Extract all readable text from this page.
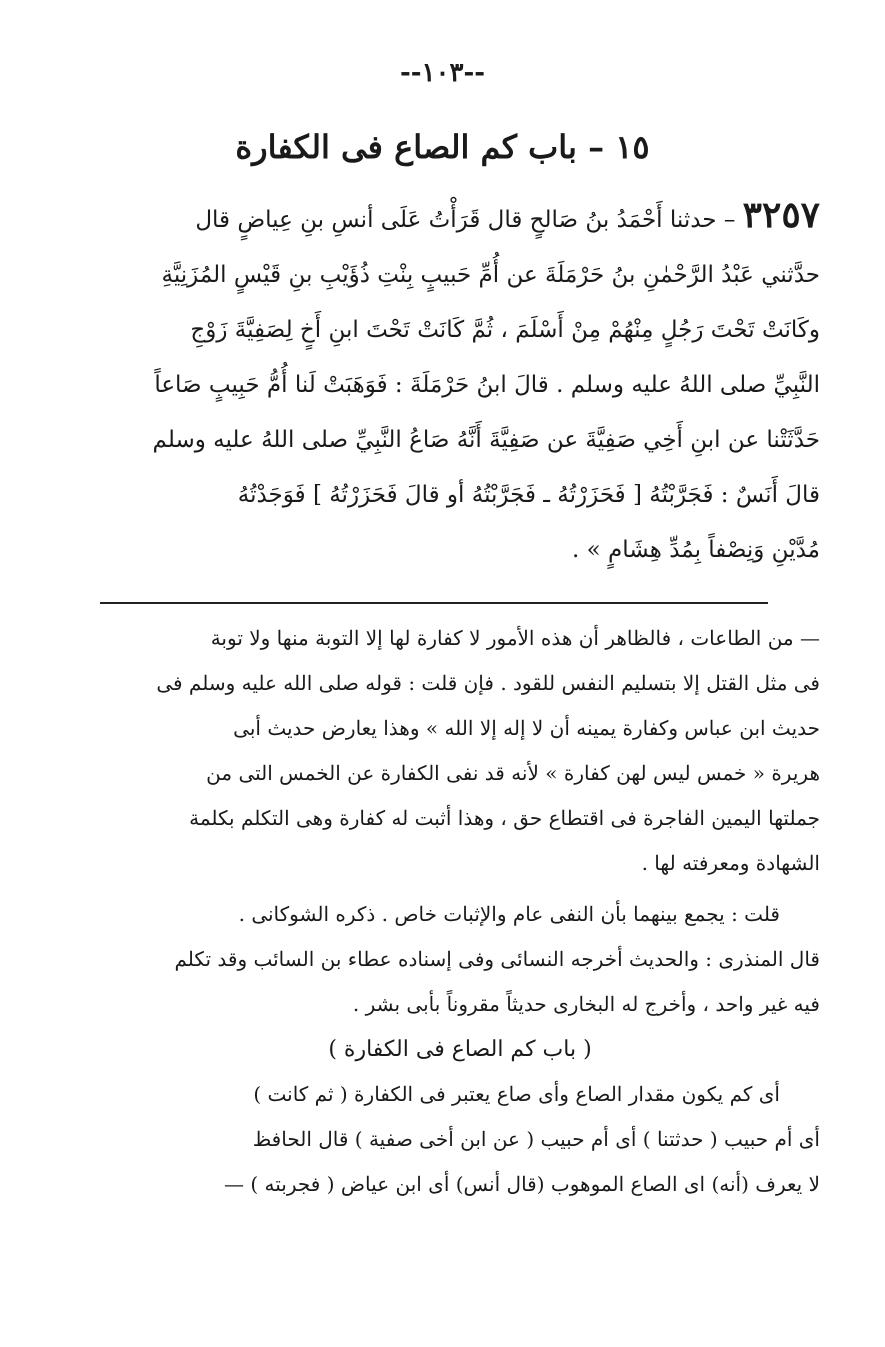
--١٠٣--
١٥ – باب كم الصاع فى الكفارة
٣٢٥٧ – حدثنا أَحْمَدُ بنُ صَالحٍ قال قَرَأْتُ عَلَى أنسِ بنِ عِياضٍ قال
حدَّثني عَبْدُ الرَّحْمٰنِ بنُ حَرْمَلَةَ عن أُمِّ حَبيبٍ بِنْتِ ذُؤَيْبِ بنِ قَيْسٍ المُزَنِيَّةِ
وكَانَتْ تَحْتَ رَجُلٍ مِنْهُمْ مِنْ أَسْلَمَ ، ثُمَّ كَانَتْ تَحْتَ ابنِ أَخٍ لِصَفِيَّةَ زَوْجِ
النَّبِيِّ صلى اللهُ عليه وسلم . قالَ ابنُ حَرْمَلَةَ : فَوَهَبَتْ لَنا أُمُّ حَبِيبٍ صَاعاً
حَدَّثَتْنا عن ابنِ أَخِي صَفِيَّةَ عن صَفِيَّةَ أَنَّهُ صَاعُ النَّبِيِّ صلى اللهُ عليه وسلم
قالَ أَنَسٌ : فَجَرَّبْتُهُ [ فَحَزَرْتُهُ ـ فَجَرَّبْتُهُ أو قالَ فَحَزَرْتُهُ ] فَوَجَدْتُهُ
مُدَّيْنِ وَنِصْفاً بِمُدِّ هِشَامٍ » .
— من الطاعات ، فالظاهر أن هذه الأمور لا كفارة لها إلا التوبة منها ولا توبة
فى مثل القتل إلا بتسليم النفس للقود . فإن قلت : قوله صلى الله عليه وسلم فى
حديث ابن عباس وكفارة يمينه أن لا إله إلا الله » وهذا يعارض حديث أبى
هريرة « خمس ليس لهن كفارة » لأنه قد نفى الكفارة عن الخمس التى من
جملتها اليمين الفاجرة فى اقتطاع حق ، وهذا أثبت له كفارة وهى التكلم بكلمة
الشهادة ومعرفته لها .
قلت : يجمع بينهما بأن النفى عام والإثبات خاص . ذكره الشوكانى .
قال المنذرى : والحديث أخرجه النسائى وفى إسناده عطاء بن السائب وقد تكلم
فيه غير واحد ، وأخرج له البخارى حديثاً مقروناً بأبى بشر .
( باب كم الصاع فى الكفارة )
أى كم يكون مقدار الصاع وأى صاع يعتبر فى الكفارة ( ثم كانت )
أى أم حبيب ( حدثتنا ) أى أم حبيب ( عن ابن أخى صفية ) قال الحافظ
لا يعرف (أنه) اى الصاع الموهوب (قال أنس) أى ابن عياض ( فجربته ) —
